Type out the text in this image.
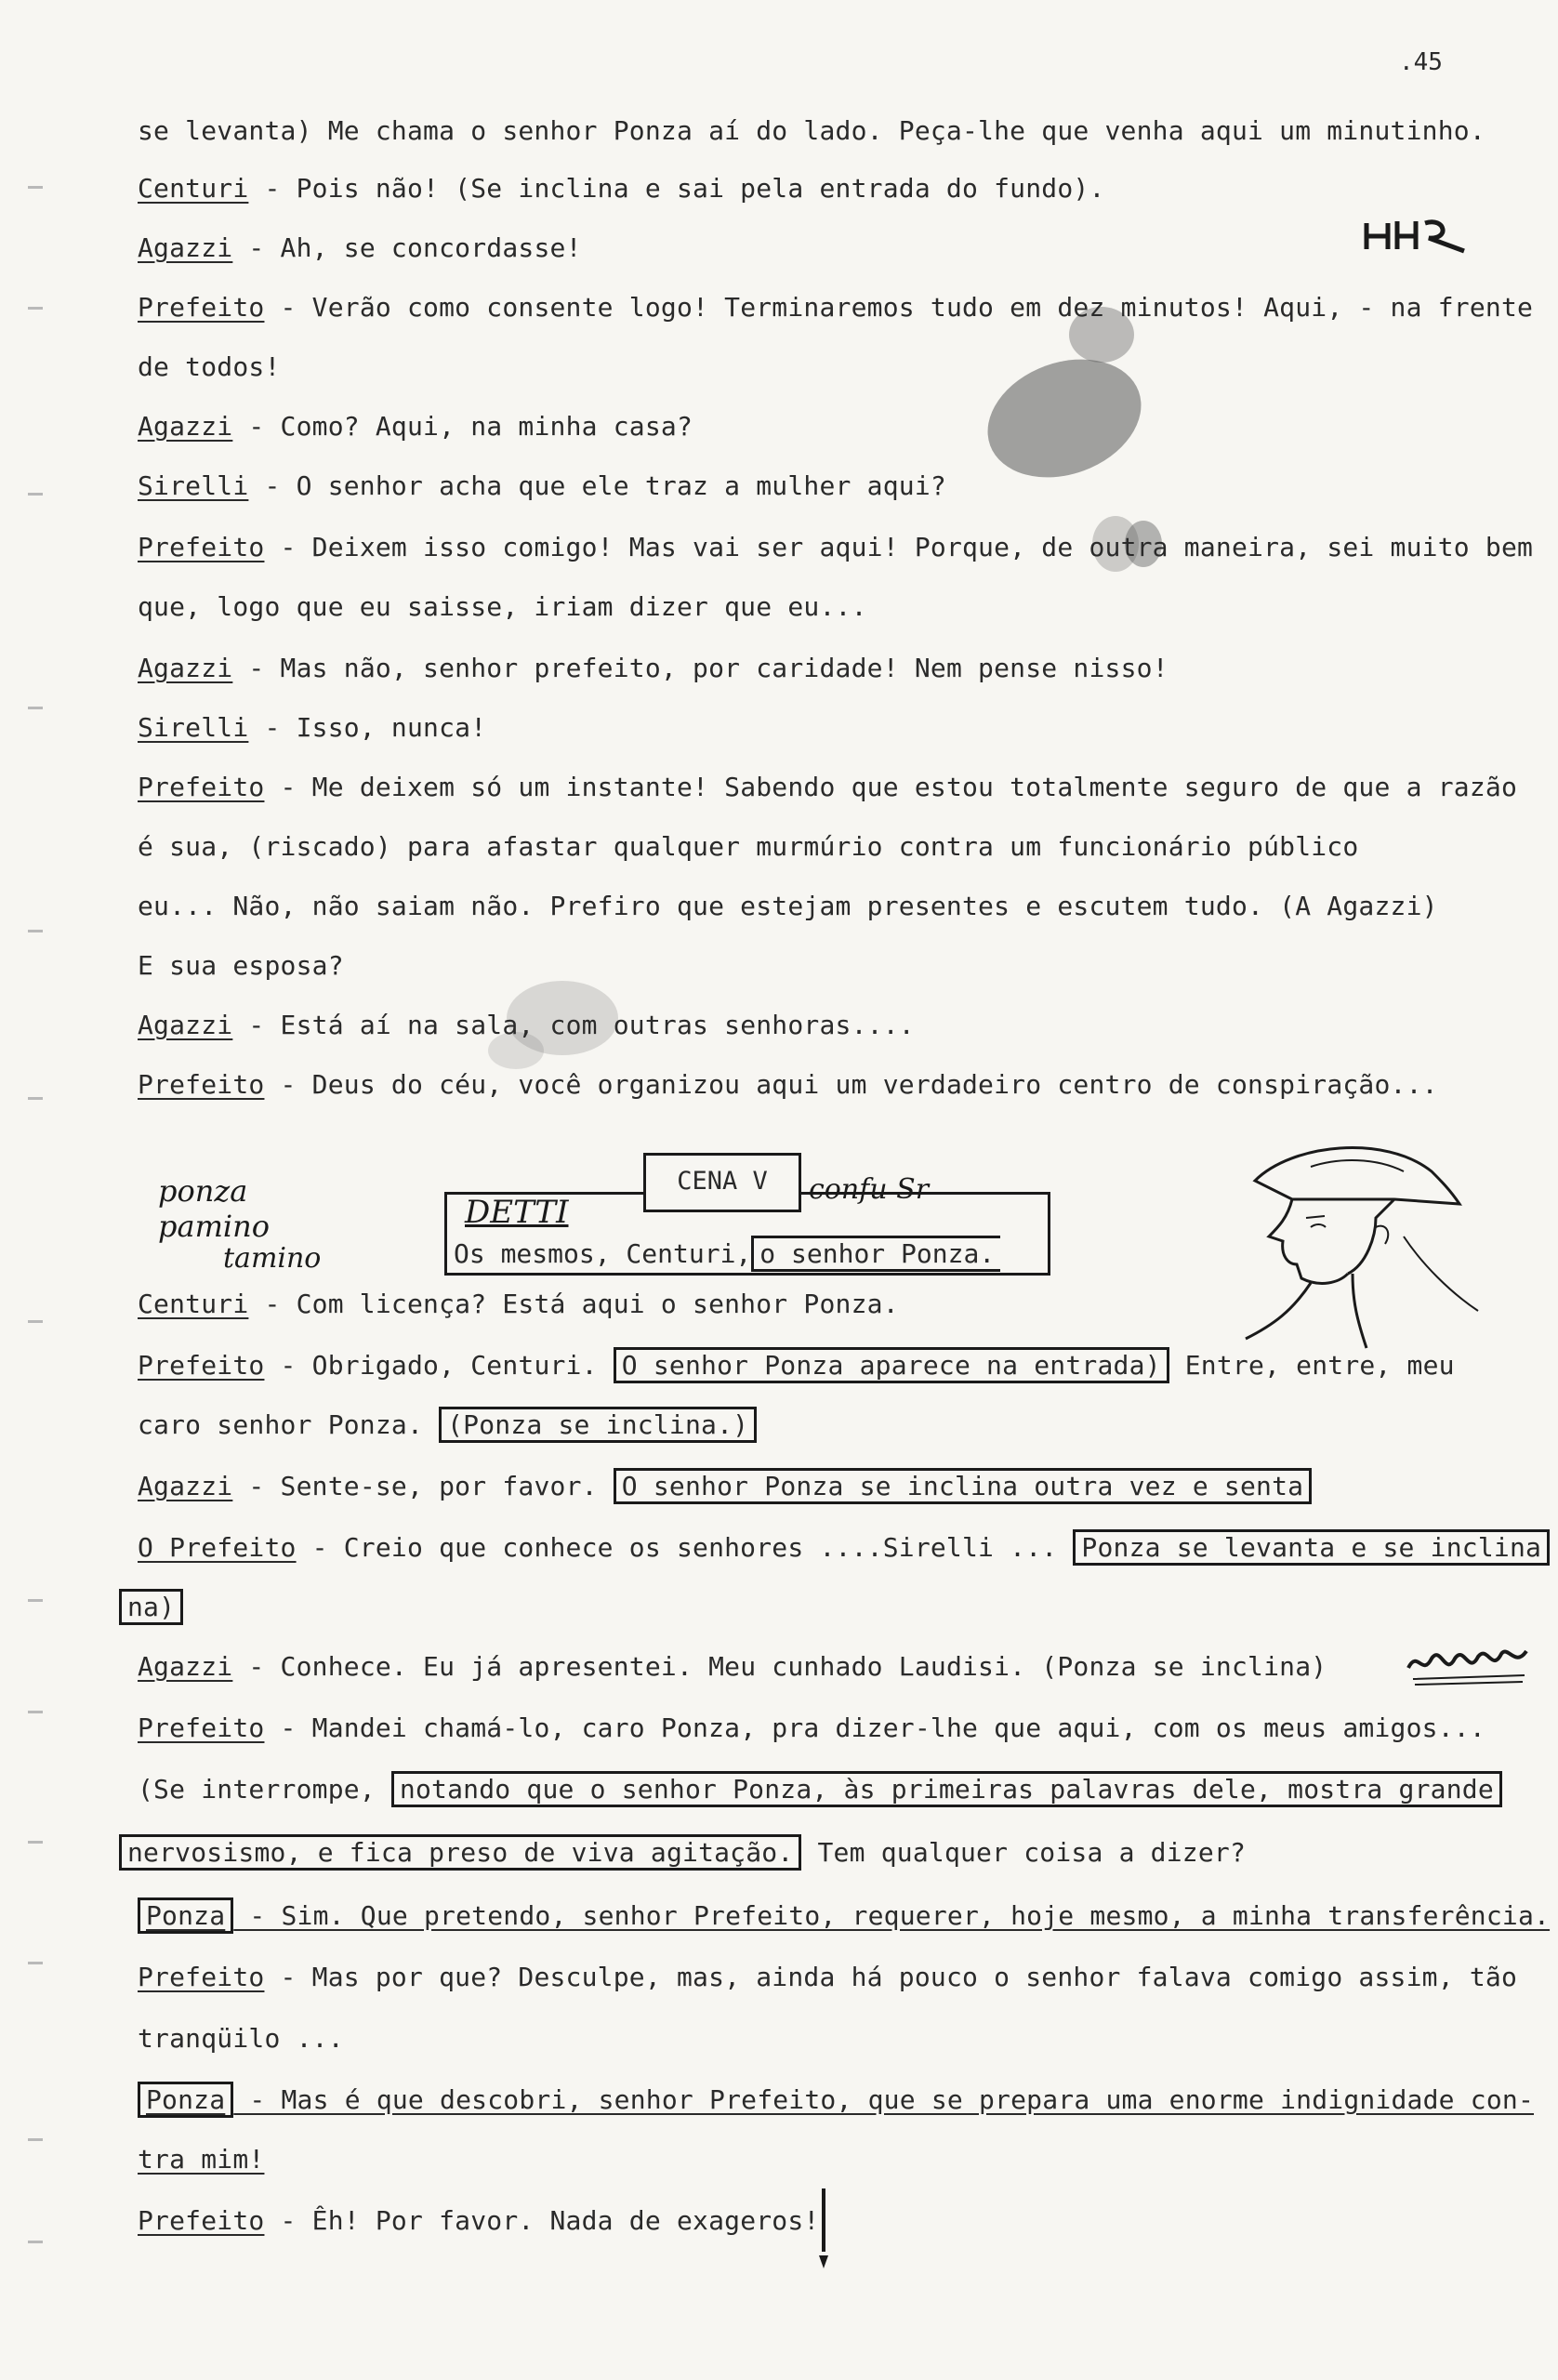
.45
se levanta) Me chama o senhor Ponza aí do lado. Peça-lhe que venha aqui um minutinho.
Centuri - Pois não! (Se inclina e sai pela entrada do fundo).
Agazzi - Ah, se concordasse!
Prefeito - Verão como consente logo! Terminaremos tudo em dez minutos! Aqui, - na frente
de todos!
Agazzi - Como? Aqui, na minha casa?
Sirelli - O senhor acha que ele traz a mulher aqui?
Prefeito - Deixem isso comigo! Mas vai ser aqui! Porque, de outra maneira, sei muito bem
que, logo que eu saisse, iriam dizer que eu...
Agazzi - Mas não, senhor prefeito, por caridade! Nem pense nisso!
Sirelli - Isso, nunca!
Prefeito - Me deixem só um instante! Sabendo que estou totalmente seguro de que a razão
é sua, (riscado) para afastar qualquer murmúrio contra um funcionário público
eu... Não, não saiam não. Prefiro que estejam presentes e escutem tudo. (A Agazzi)
E sua esposa?
Agazzi - Está aí na sala, com outras senhoras....
Prefeito - Deus do céu, você organizou aqui um verdadeiro centro de conspiração...
CENA V
Os mesmos, Centuri, o senhor Ponza.
DETTI
confu Sr
ponza
pamino
tamino
Centuri - Com licença? Está aqui o senhor Ponza.
Prefeito - Obrigado, Centuri. O senhor Ponza aparece na entrada) Entre, entre, meu
caro senhor Ponza. (Ponza se inclina.)
Agazzi - Sente-se, por favor. O senhor Ponza se inclina outra vez e senta
O Prefeito - Creio que conhece os senhores ....Sirelli ... Ponza se levanta e se inclina
na)
Agazzi - Conhece. Eu já apresentei. Meu cunhado Laudisi. (Ponza se inclina)
Prefeito - Mandei chamá-lo, caro Ponza, pra dizer-lhe que aqui, com os meus amigos...
(Se interrompe, notando que o senhor Ponza, às primeiras palavras dele, mostra grande
nervosismo, e fica preso de viva agitação. Tem qualquer coisa a dizer?
Ponza - Sim. Que pretendo, senhor Prefeito, requerer, hoje mesmo, a minha transferência.
Prefeito - Mas por que? Desculpe, mas, ainda há pouco o senhor falava comigo assim, tão
tranqüilo ...
Ponza - Mas é que descobri, senhor Prefeito, que se prepara uma enorme indignidade con-
tra mim!
Prefeito - Êh! Por favor. Nada de exageros!
